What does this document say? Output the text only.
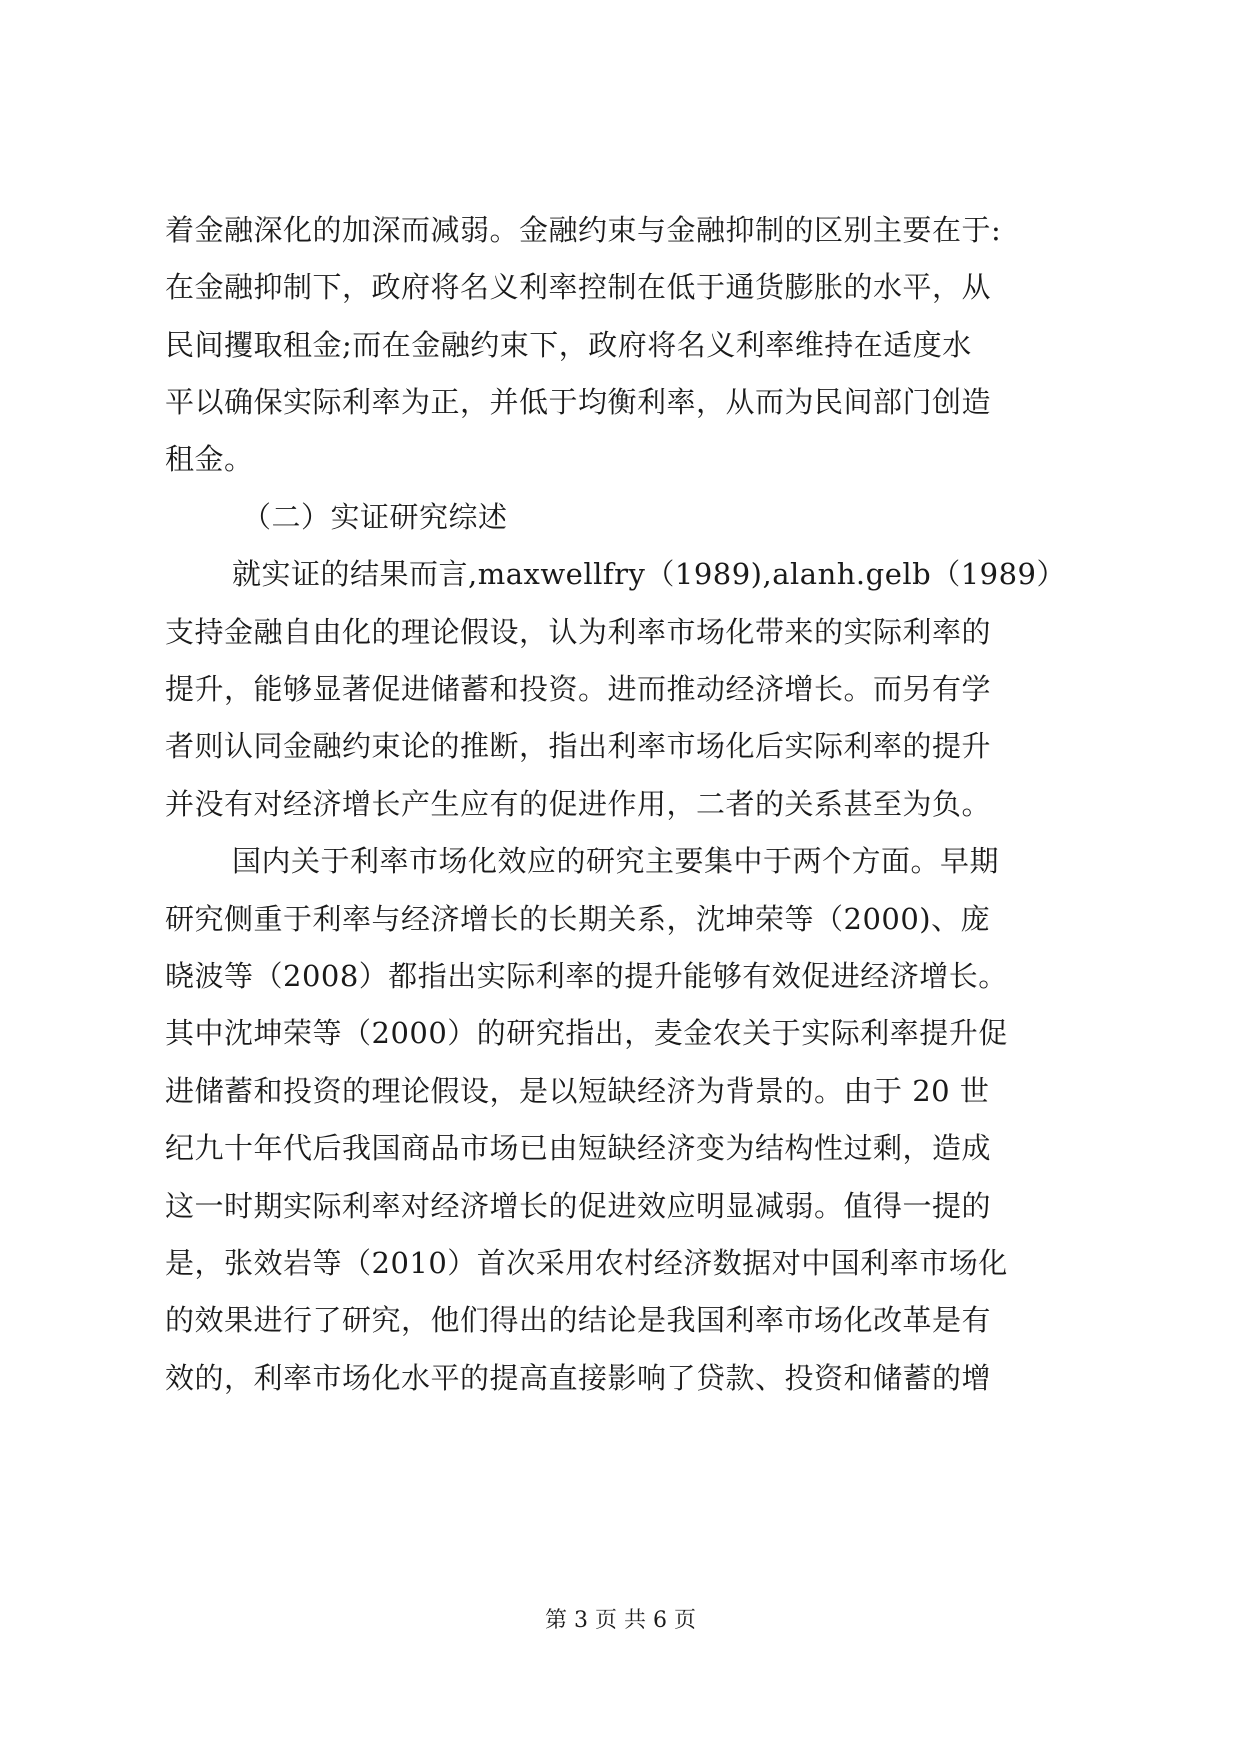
着金融深化的加深而减弱。金融约束与金融抑制的区别主要在于:
在金融抑制下，政府将名义利率控制在低于通货膨胀的水平，从
民间攫取租金;而在金融约束下，政府将名义利率维持在适度水
平以确保实际利率为正，并低于均衡利率，从而为民间部门创造
租金。
（二）实证研究综述
就实证的结果而言,maxwellfry（1989),alanh.gelb（1989）
支持金融自由化的理论假设，认为利率市场化带来的实际利率的
提升，能够显著促进储蓄和投资。进而推动经济增长。而另有学
者则认同金融约束论的推断，指出利率市场化后实际利率的提升
并没有对经济增长产生应有的促进作用，二者的关系甚至为负。
国内关于利率市场化效应的研究主要集中于两个方面。早期
研究侧重于利率与经济增长的长期关系，沈坤荣等（2000)、庞
晓波等（2008）都指出实际利率的提升能够有效促进经济增长。
其中沈坤荣等（2000）的研究指出，麦金农关于实际利率提升促
进储蓄和投资的理论假设，是以短缺经济为背景的。由于 20 世
纪九十年代后我国商品市场已由短缺经济变为结构性过剩，造成
这一时期实际利率对经济增长的促进效应明显减弱。值得一提的
是，张效岩等（2010）首次采用农村经济数据对中国利率市场化
的效果进行了研究，他们得出的结论是我国利率市场化改革是有
效的，利率市场化水平的提高直接影响了贷款、投资和储蓄的增
第 3 页 共 6 页
